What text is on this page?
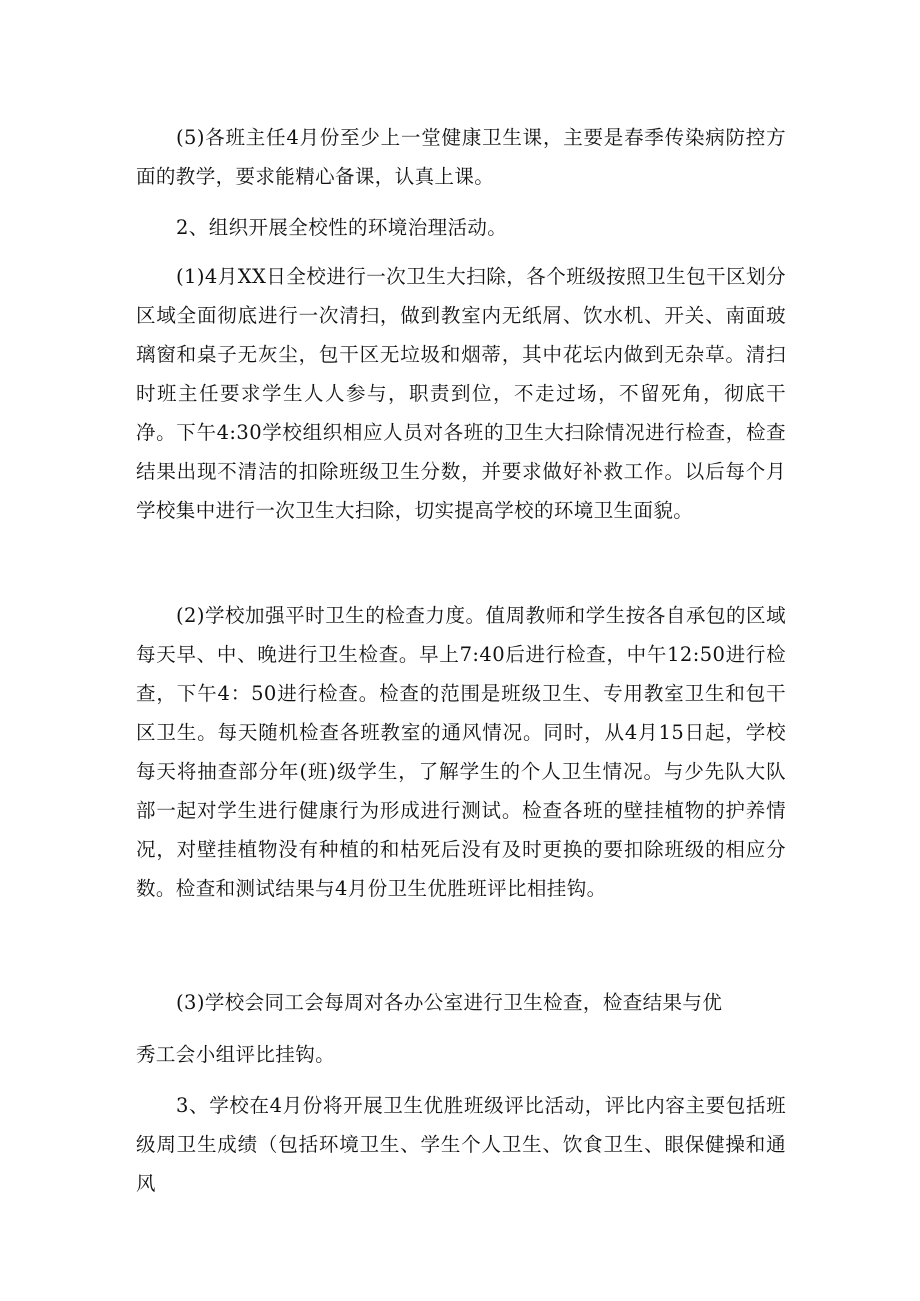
(5)各班主任4月份至少上一堂健康卫生课，主要是春季传染病防控方面的教学，要求能精心备课，认真上课。

2、组织开展全校性的环境治理活动。

(1)4月XX日全校进行一次卫生大扫除，各个班级按照卫生包干区划分区域全面彻底进行一次清扫，做到教室内无纸屑、饮水机、开关、南面玻璃窗和桌子无灰尘，包干区无垃圾和烟蒂，其中花坛内做到无杂草。清扫时班主任要求学生人人参与，职责到位，不走过场，不留死角，彻底干净。下午4:30学校组织相应人员对各班的卫生大扫除情况进行检查，检查结果出现不清洁的扣除班级卫生分数，并要求做好补救工作。以后每个月学校集中进行一次卫生大扫除，切实提高学校的环境卫生面貌。

(2)学校加强平时卫生的检查力度。值周教师和学生按各自承包的区域每天早、中、晚进行卫生检查。早上7:40后进行检查，中午12:50进行检查，下午4：50进行检查。检查的范围是班级卫生、专用教室卫生和包干区卫生。每天随机检查各班教室的通风情况。同时，从4月15日起，学校每天将抽查部分年(班)级学生，了解学生的个人卫生情况。与少先队大队部一起对学生进行健康行为形成进行测试。检查各班的壁挂植物的护养情况，对壁挂植物没有种植的和枯死后没有及时更换的要扣除班级的相应分数。检查和测试结果与4月份卫生优胜班评比相挂钩。

(3)学校会同工会每周对各办公室进行卫生检查，检查结果与优

秀工会小组评比挂钩。

3、学校在4月份将开展卫生优胜班级评比活动，评比内容主要包括班级周卫生成绩（包括环境卫生、学生个人卫生、饮食卫生、眼保健操和通风
